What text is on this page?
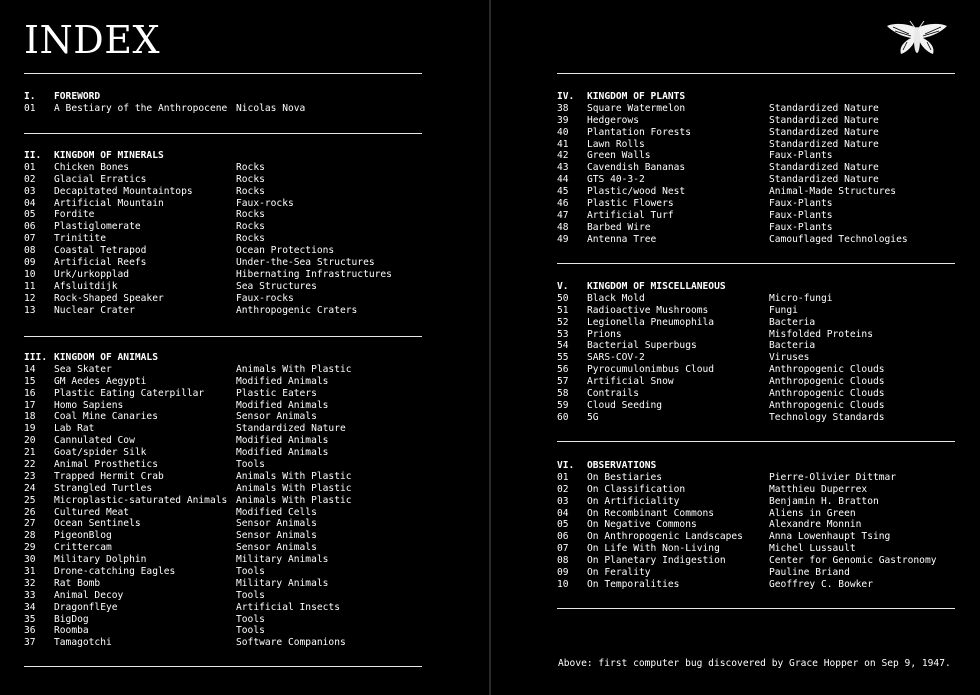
INDEX
I. FOREWORD
01 A Bestiary of the Anthropocene Nicolas Nova
II. KINGDOM OF MINERALS
01 Chicken Bones	Rocks
02 Glacial Erratics	Rocks
03 Decapitated Mountaintops	Rocks
04 Artificial Mountain	Faux-rocks
05 Fordite	Rocks
06 Plastiglomerate	Rocks
07 Trinitite	Rocks
08 Coastal Tetrapod	Ocean Protections
09 Artificial Reefs	Under-the-Sea Structures
10 Urk/urkopplad	Hibernating Infrastructures
11 Afsluitdijk	Sea Structures
12 Rock-Shaped Speaker	Faux-rocks
13 Nuclear Crater	Anthropogenic Craters
III. KINGDOM OF ANIMALS
14 Sea Skater	Animals With Plastic
15 GM Aedes Aegypti	Modified Animals
16 Plastic Eating Caterpillar	Plastic Eaters
17 Homo Sapiens	Modified Animals
18 Coal Mine Canaries	Sensor Animals
19 Lab Rat	Standardized Nature
20 Cannulated Cow	Modified Animals
21 Goat/spider Silk	Modified Animals
22 Animal Prosthetics	Tools
23 Trapped Hermit Crab	Animals With Plastic
24 Strangled Turtles	Animals With Plastic
25 Microplastic-saturated Animals Animals With Plastic
26 Cultured Meat	Modified Cells
27 Ocean Sentinels	Sensor Animals
28 PigeonBlog	Sensor Animals
29 Crittercam	Sensor Animals
30 Military Dolphin	Military Animals
31 Drone-catching Eagles	Tools
32 Rat Bomb	Military Animals
33 Animal Decoy	Tools
34 DragonflEye	Artificial Insects
35 BigDog	Tools
36 Roomba	Tools
37 Tamagotchi	Software Companions
IV. KINGDOM OF PLANTS
38 Square Watermelon	Standardized Nature
39 Hedgerows	Standardized Nature
40 Plantation Forests	Standardized Nature
41 Lawn Rolls	Standardized Nature
42 Green Walls	Faux-Plants
43 Cavendish Bananas	Standardized Nature
44 GTS 40-3-2	Standardized Nature
45 Plastic/wood Nest	Animal-Made Structures
46 Plastic Flowers	Faux-Plants
47 Artificial Turf	Faux-Plants
48 Barbed Wire	Faux-Plants
49 Antenna Tree	Camouflaged Technologies
V. KINGDOM OF MISCELLANEOUS
50 Black Mold	Micro-fungi
51 Radioactive Mushrooms	Fungi
52 Legionella Pneumophila	Bacteria
53 Prions	Misfolded Proteins
54 Bacterial Superbugs	Bacteria
55 SARS-COV-2	Viruses
56 Pyrocumulonimbus Cloud	Anthropogenic Clouds
57 Artificial Snow	Anthropogenic Clouds
58 Contrails	Anthropogenic Clouds
59 Cloud Seeding	Anthropogenic Clouds
60 5G	Technology Standards
VI. OBSERVATIONS
01 On Bestiaries	Pierre-Olivier Dittmar
02 On Classification	Matthieu Duperrex
03 On Artificiality	Benjamin H. Bratton
04 On Recombinant Commons	Aliens in Green
05 On Negative Commons	Alexandre Monnin
06 On Anthropogenic Landscapes	Anna Lowenhaupt Tsing
07 On Life With Non-Living	Michel Lussault
08 On Planetary Indigestion	Center for Genomic Gastronomy
09 On Ferality	Pauline Briand
10 On Temporalities	Geoffrey C. Bowker
Above: first computer bug discovered by Grace Hopper on Sep 9, 1947.
